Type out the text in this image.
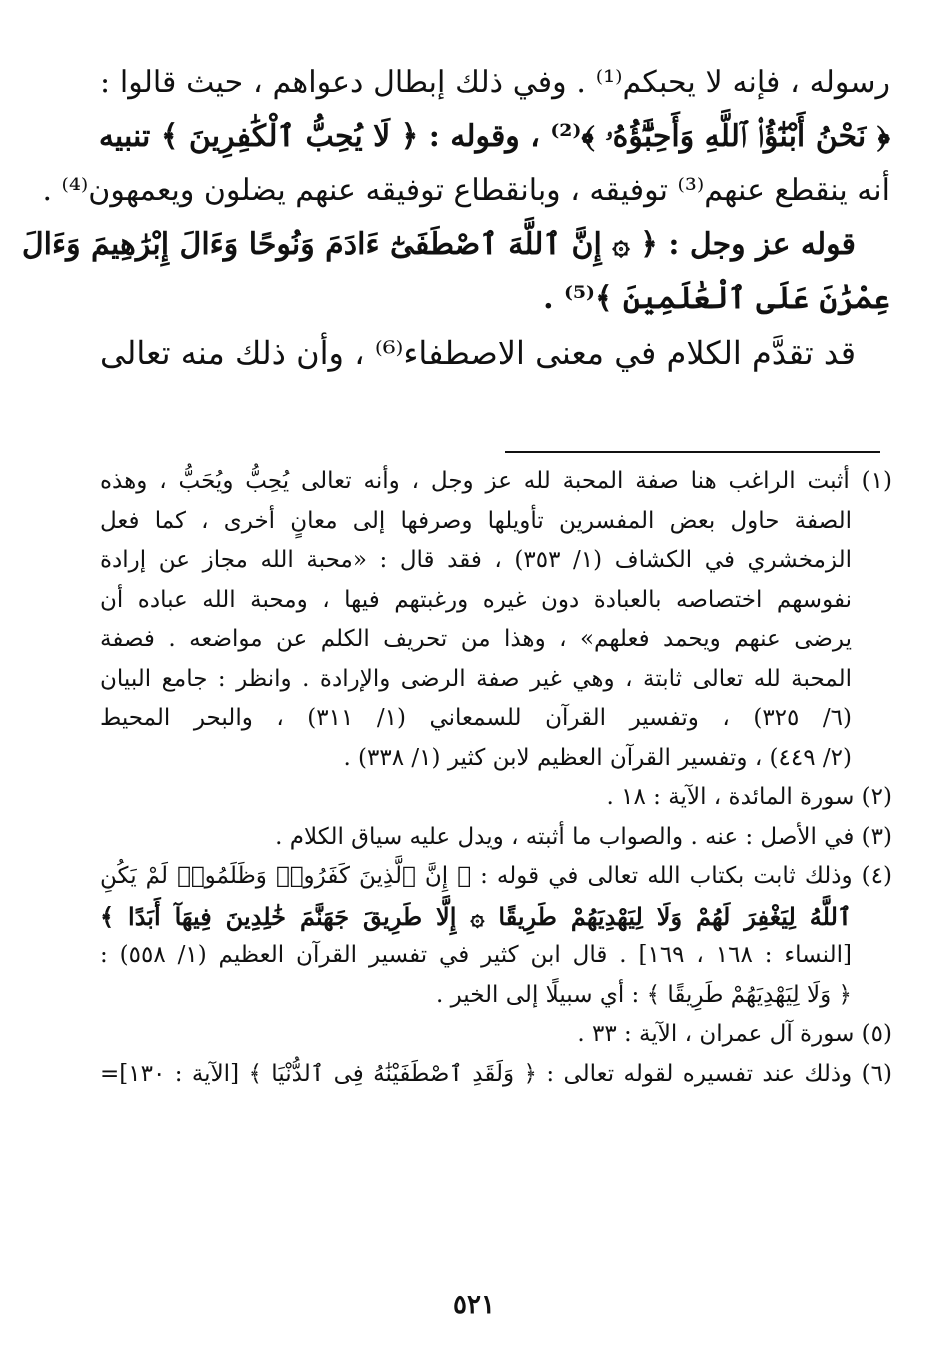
رسوله ، فإنه لا يحبكم⁽¹⁾ . وفي ذلك إبطال دعواهم ، حيث قالوا :
﴿ نَحْنُ أَبْنَٰٓؤُا۟ ٱللَّهِ وَأَحِبَّٰٓؤُهُۥ ﴾⁽²⁾ ، وقوله : ﴿ لَا يُحِبُّ ٱلْكَٰفِرِينَ ﴾ تنبيه
أنه ينقطع عنهم⁽³⁾ توفيقه ، وبانقطاع توفيقه عنهم يضلون ويعمهون⁽⁴⁾ .
قوله عز وجل : ﴿ ۞ إِنَّ ٱللَّهَ ٱصْطَفَىٰٓ ءَادَمَ وَنُوحًا وَءَالَ إِبْرَٰهِيمَ وَءَالَ
عِمْرَٰنَ عَلَى ٱلْعَٰلَمِينَ ﴾⁽⁵⁾ .
قد تقدَّم الكلام في معنى الاصطفاء⁽⁶⁾ ، وأن ذلك منه تعالى
(١) أثبت الراغب هنا صفة المحبة لله عز وجل ، وأنه تعالى يُحِبُّ ويُحَبُّ ، وهذه
الصفة حاول بعض المفسرين تأويلها وصرفها إلى معانٍ أخرى ، كما فعل
الزمخشري في الكشاف (١/ ٣٥٣) ، فقد قال : «محبة الله مجاز عن إرادة
نفوسهم اختصاصه بالعبادة دون غيره ورغبتهم فيها ، ومحبة الله عباده أن
يرضى عنهم ويحمد فعلهم» ، وهذا من تحريف الكلم عن مواضعه . فصفة
المحبة لله تعالى ثابتة ، وهي غير صفة الرضى والإرادة . وانظر : جامع البيان
(٦/ ٣٢٥) ، وتفسير القرآن للسمعاني (١/ ٣١١) ، والبحر المحيط
(٢/ ٤٤٩) ، وتفسير القرآن العظيم لابن كثير (١/ ٣٣٨) .
(٢) سورة المائدة ، الآية : ١٨ .
(٣) في الأصل : عنه . والصواب ما أثبته ، ويدل عليه سياق الكلام .
(٤) وذلك ثابت بكتاب الله تعالى في قوله : ﴿ إِنَّ ٱلَّذِينَ كَفَرُوا۟ وَظَلَمُوا۟ لَمْ يَكُنِ
ٱللَّهُ لِيَغْفِرَ لَهُمْ وَلَا لِيَهْدِيَهُمْ طَرِيقًا ۞ إِلَّا طَرِيقَ جَهَنَّمَ خَٰلِدِينَ فِيهَآ أَبَدًا ﴾
[النساء : ١٦٨ ، ١٦٩] . قال ابن كثير في تفسير القرآن العظيم (١/ ٥٥٨) :
﴿ وَلَا لِيَهْدِيَهُمْ طَرِيقًا ﴾ : أي سبيلًا إلى الخير .
(٥) سورة آل عمران ، الآية : ٣٣ .
(٦) وذلك عند تفسيره لقوله تعالى : ﴿ وَلَقَدِ ٱصْطَفَيْنَٰهُ فِى ٱلدُّنْيَا ﴾ [الآية : ١٣٠]=
٥٢١
